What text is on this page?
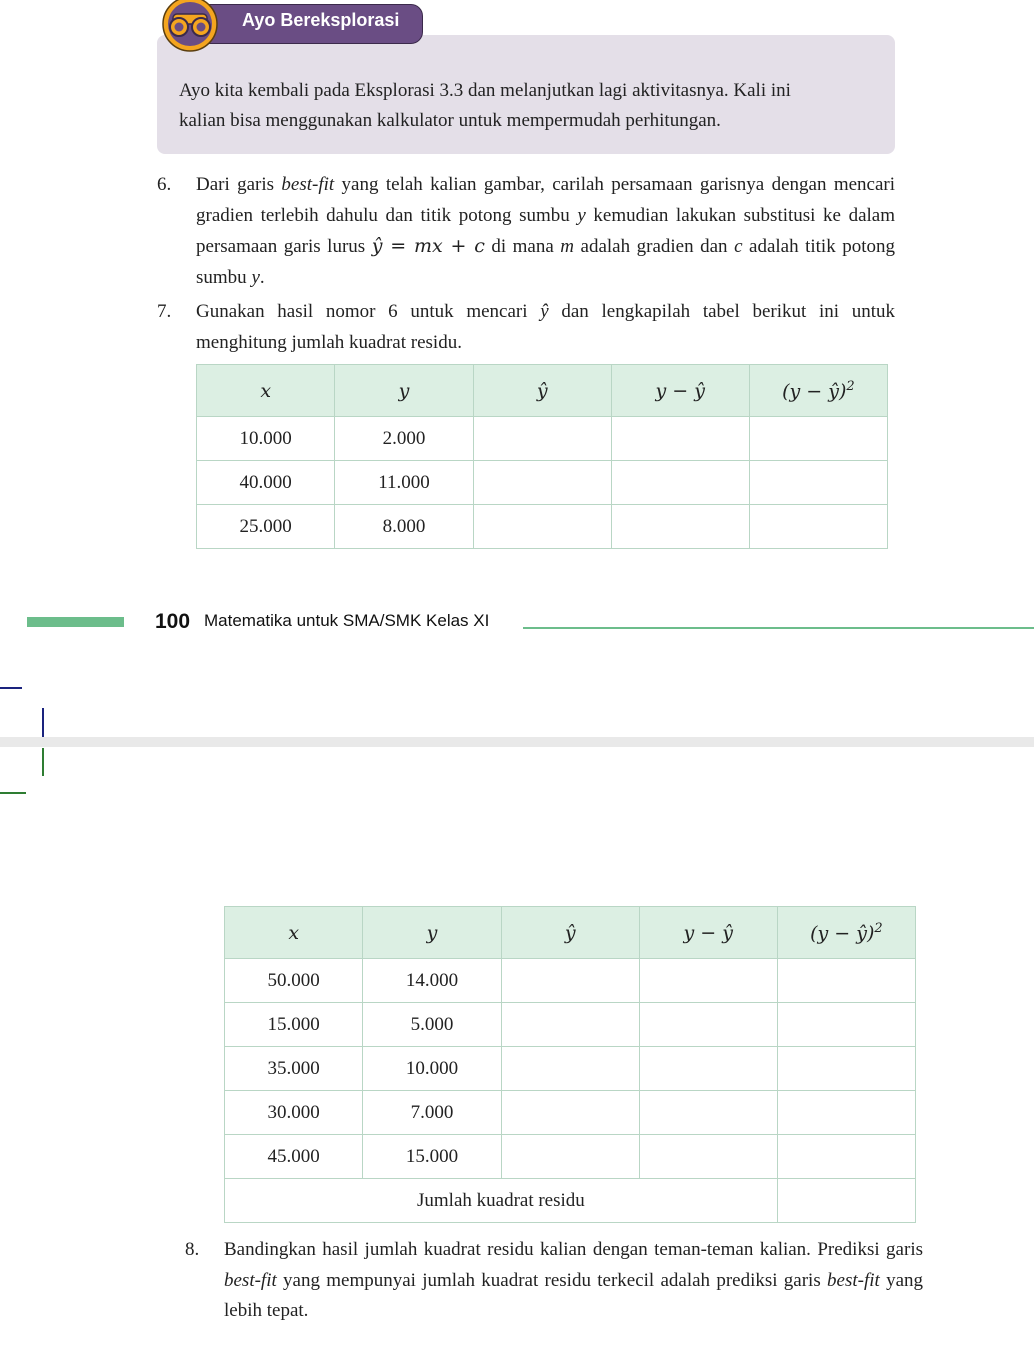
Ayo Bereksplorasi
Ayo kita kembali pada Eksplorasi 3.3 dan melanjutkan lagi aktivitasnya. Kali ini
kalian bisa menggunakan kalkulator untuk mempermudah perhitungan.
6. Dari garis best-fit yang telah kalian gambar, carilah persamaan garisnya dengan mencari gradien terlebih dahulu dan titik potong sumbu y kemudian lakukan substitusi ke dalam persamaan garis lurus ŷ = mx + c di mana m adalah gradien dan c adalah titik potong sumbu y.
7. Gunakan hasil nomor 6 untuk mencari ŷ dan lengkapilah tabel berikut ini untuk menghitung jumlah kuadrat residu.
x	y	ŷ	y − ŷ	(y − ŷ)$^2$
10.000	2.000			
40.000	11.000			
25.000	8.000			
100 Matematika untuk SMA/SMK Kelas XI
x	y	ŷ	y − ŷ	(y − ŷ)$^2$
50.000	14.000			
15.000	5.000			
35.000	10.000			
30.000	7.000			
45.000	15.000			
Jumlah kuadrat residu				
8. Bandingkan hasil jumlah kuadrat residu kalian dengan teman-teman kalian. Prediksi garis best-fit yang mempunyai jumlah kuadrat residu terkecil adalah prediksi garis best-fit yang lebih tepat.
